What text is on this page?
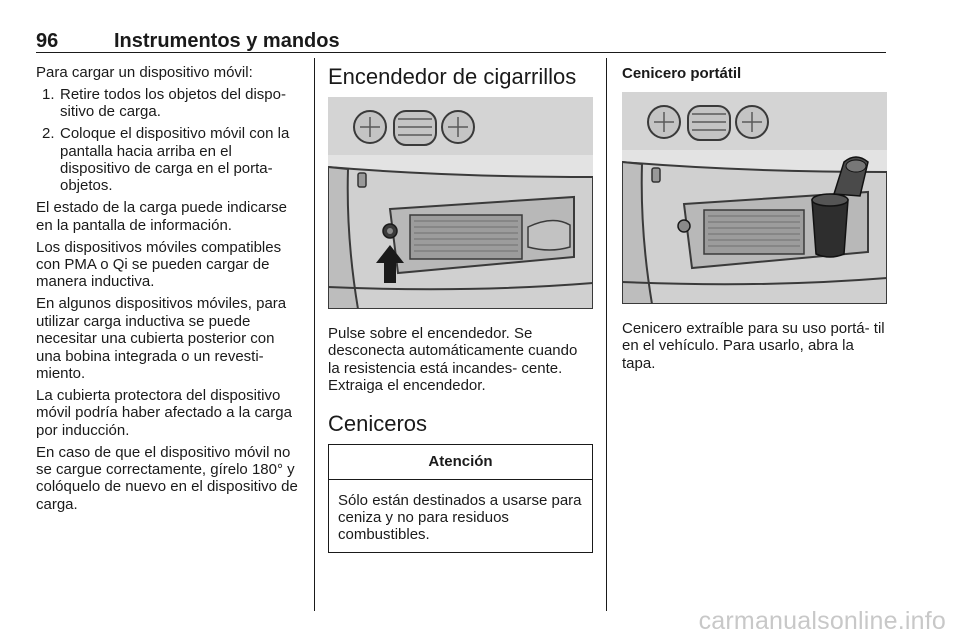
96	Instrumentos y mandos
Para cargar un dispositivo móvil:
1. Retire todos los objetos del dispo- sitivo de carga.
2. Coloque el dispositivo móvil con la pantalla hacia arriba en el dispositivo de carga en el porta- objetos.
El estado de la carga puede indicarse en la pantalla de información.
Los dispositivos móviles compatibles con PMA o Qi se pueden cargar de manera inductiva.
En algunos dispositivos móviles, para utilizar carga inductiva se puede necesitar una cubierta posterior con una bobina integrada o un revesti- miento.
La cubierta protectora del dispositivo móvil podría haber afectado a la carga por inducción.
En caso de que el dispositivo móvil no se cargue correctamente, gírelo 180° y colóquelo de nuevo en el dispositivo de carga.
Encendedor de cigarrillos
Pulse sobre el encendedor. Se desconecta automáticamente cuando la resistencia está incandes- cente. Extraiga el encendedor.
Ceniceros
Atención
Sólo están destinados a usarse para ceniza y no para residuos combustibles.
Cenicero portátil
Cenicero extraíble para su uso portá- til en el vehículo. Para usarlo, abra la tapa.
carmanualsonline.info
